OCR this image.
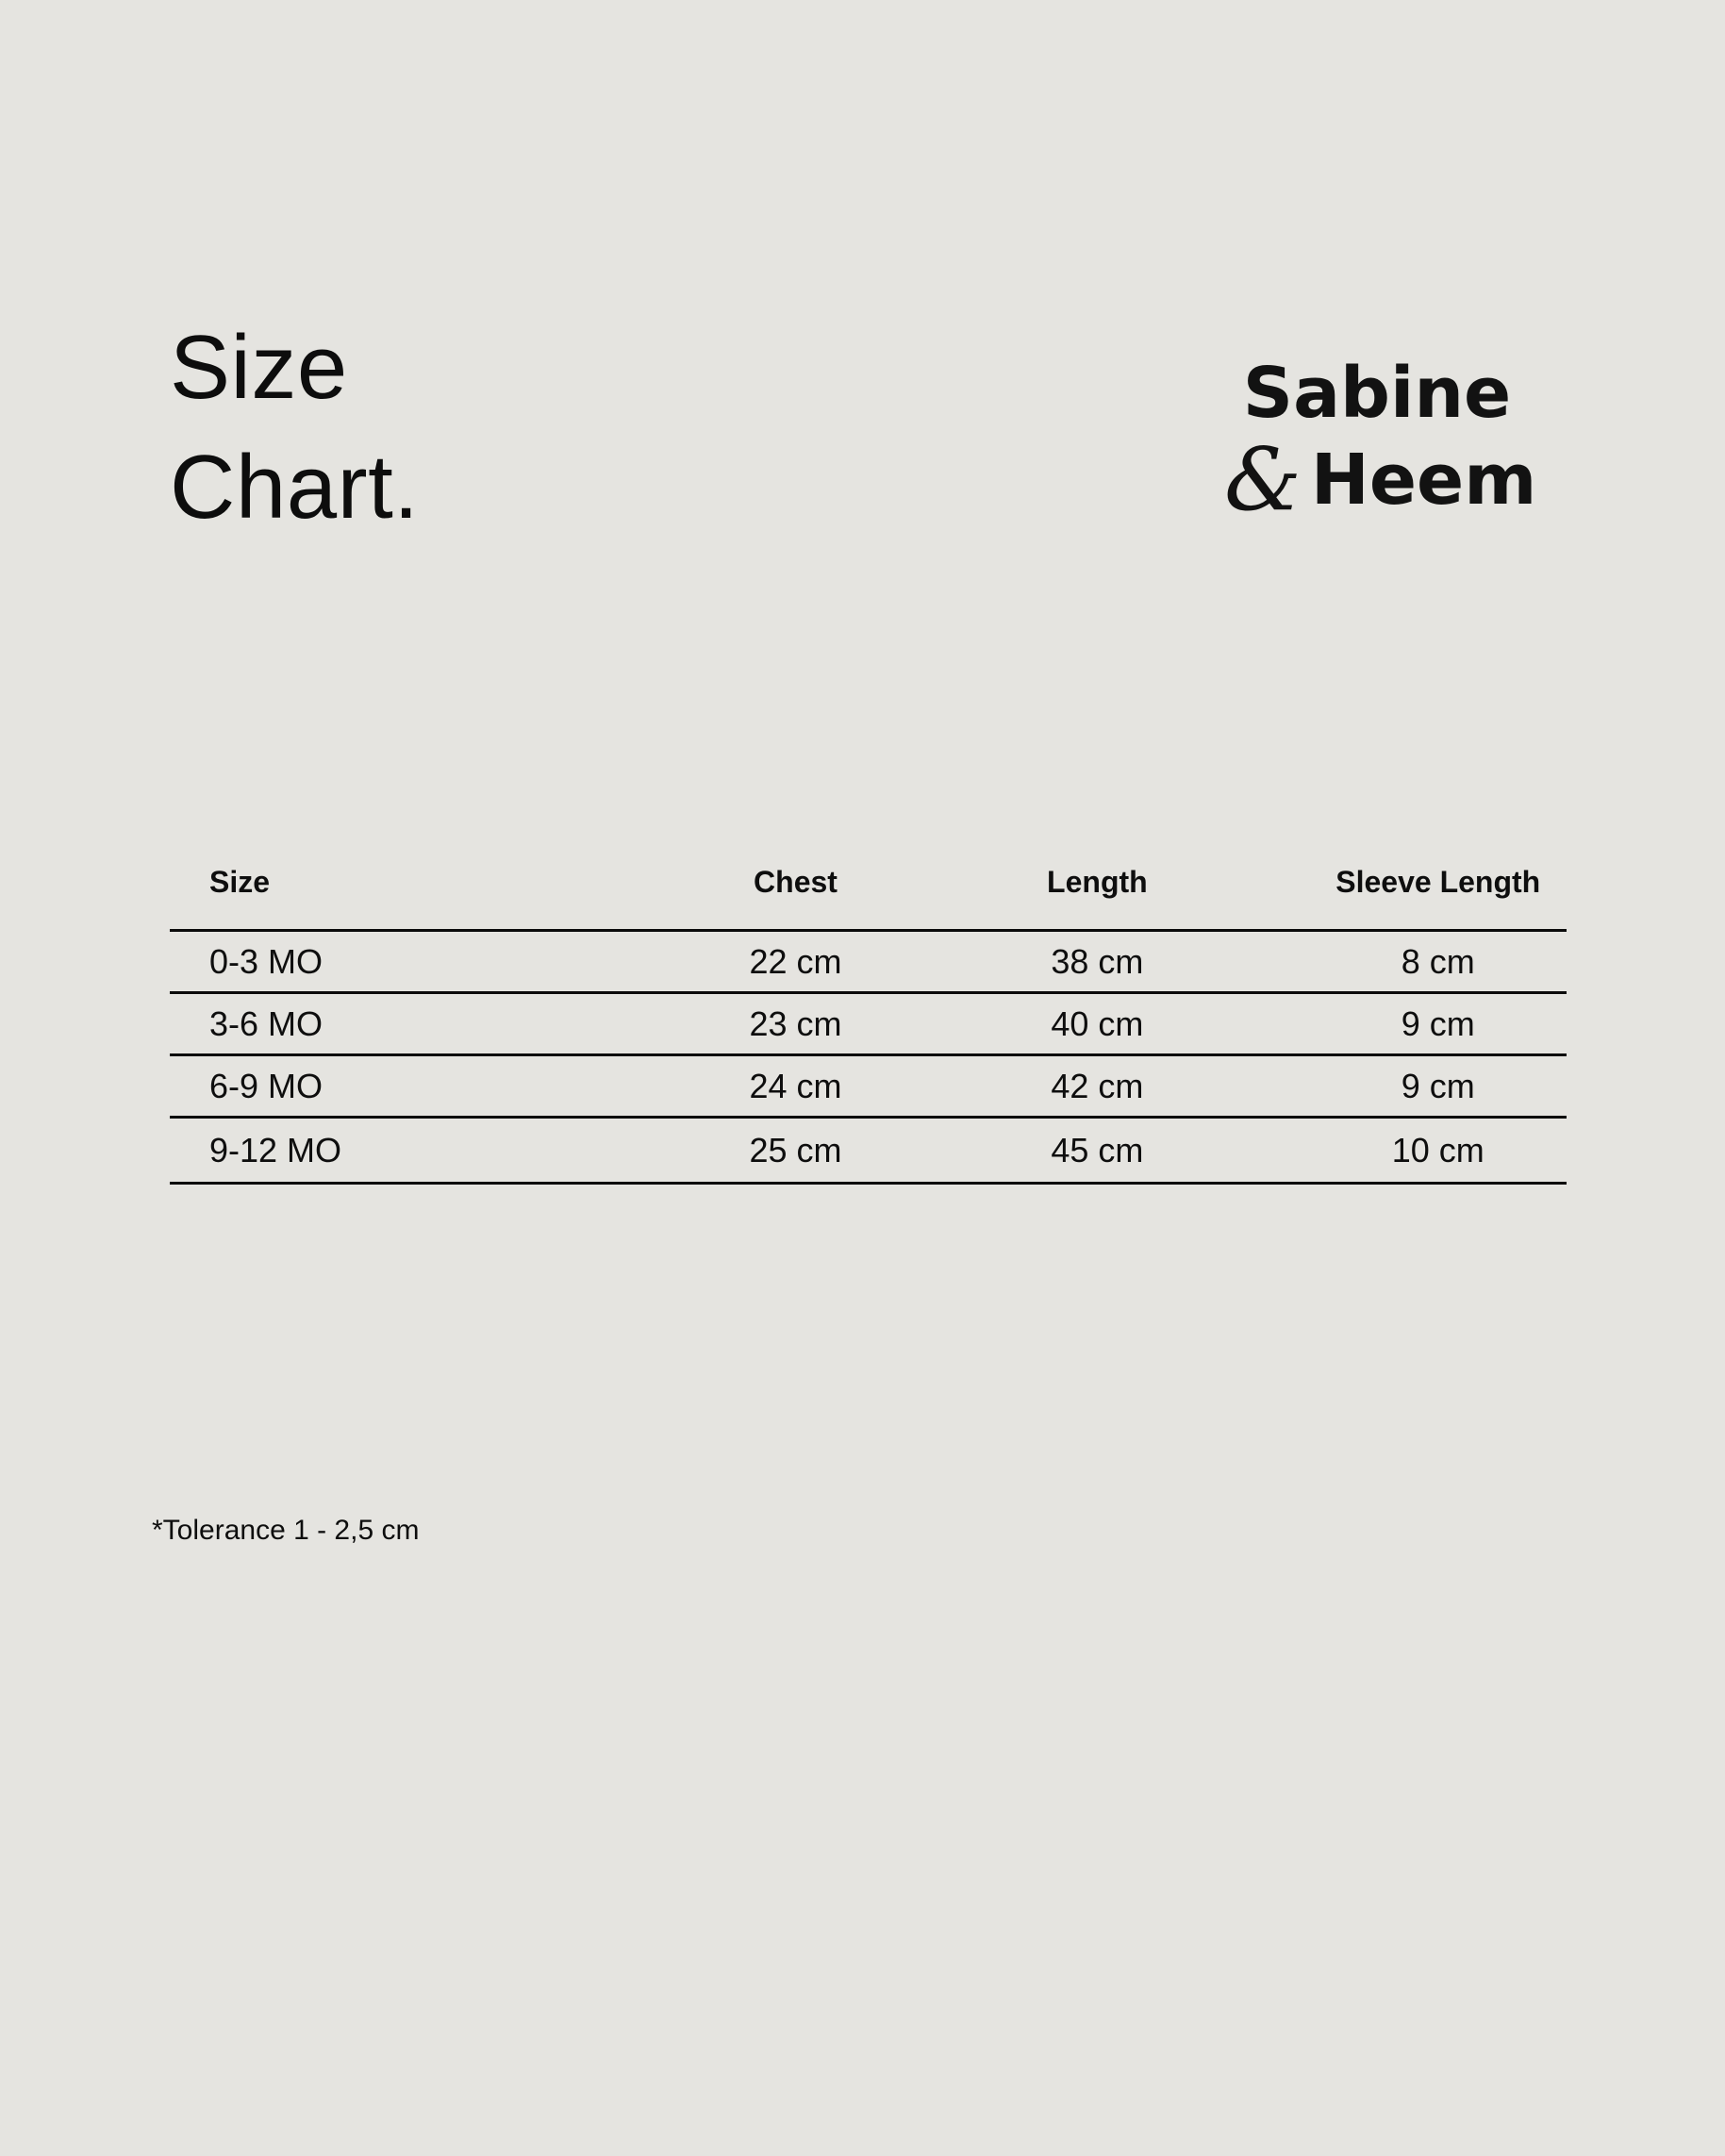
Size
Chart.
Sabine
& Heem
Size	Chest	Length	Sleeve Length
0-3 MO	22 cm	38 cm	8 cm
3-6 MO	23 cm	40 cm	9 cm
6-9 MO	24 cm	42 cm	9 cm
9-12 MO	25 cm	45 cm	10 cm
*Tolerance 1 - 2,5 cm
